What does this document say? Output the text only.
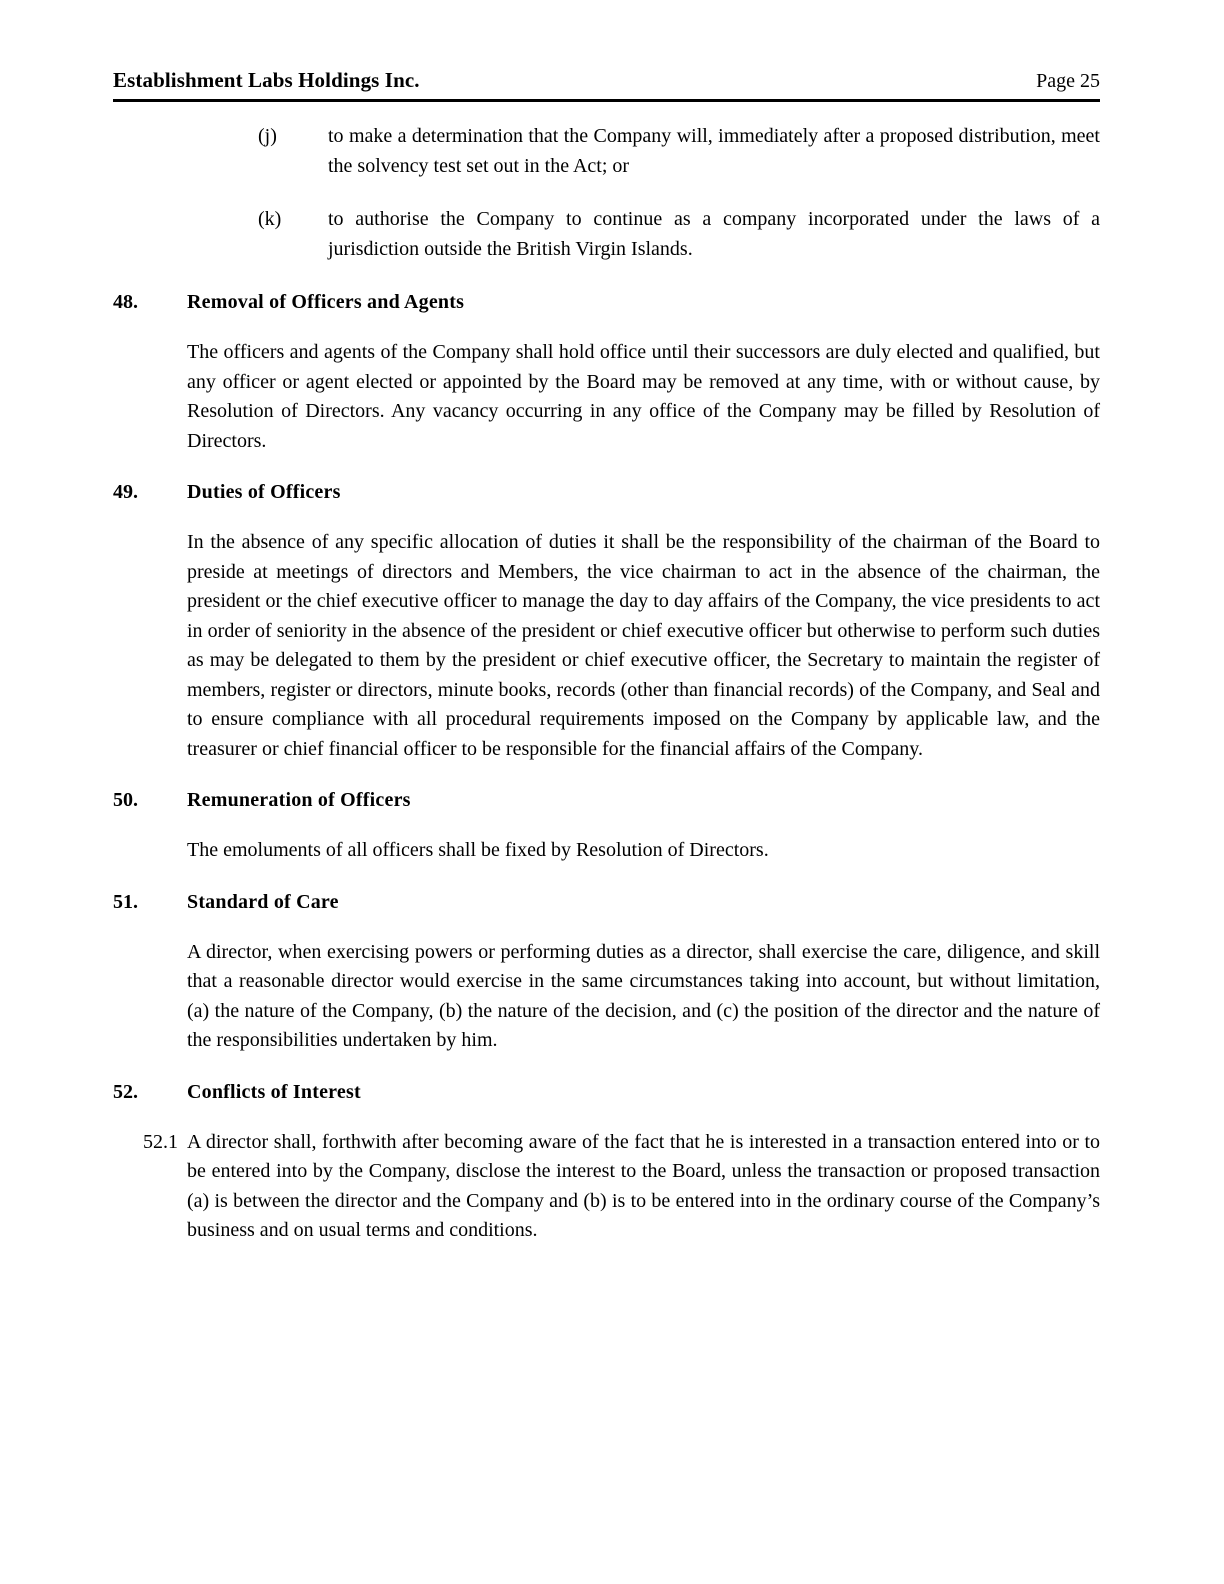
Establishment Labs Holdings Inc.	Page 25
(j)	to make a determination that the Company will, immediately after a proposed distribution, meet the solvency test set out in the Act; or
(k)	to authorise the Company to continue as a company incorporated under the laws of a jurisdiction outside the British Virgin Islands.
48.	Removal of Officers and Agents
The officers and agents of the Company shall hold office until their successors are duly elected and qualified, but any officer or agent elected or appointed by the Board may be removed at any time, with or without cause, by Resolution of Directors. Any vacancy occurring in any office of the Company may be filled by Resolution of Directors.
49.	Duties of Officers
In the absence of any specific allocation of duties it shall be the responsibility of the chairman of the Board to preside at meetings of directors and Members, the vice chairman to act in the absence of the chairman, the president or the chief executive officer to manage the day to day affairs of the Company, the vice presidents to act in order of seniority in the absence of the president or chief executive officer but otherwise to perform such duties as may be delegated to them by the president or chief executive officer, the Secretary to maintain the register of members, register or directors, minute books, records (other than financial records) of the Company, and Seal and to ensure compliance with all procedural requirements imposed on the Company by applicable law, and the treasurer or chief financial officer to be responsible for the financial affairs of the Company.
50.	Remuneration of Officers
The emoluments of all officers shall be fixed by Resolution of Directors.
51.	Standard of Care
A director, when exercising powers or performing duties as a director, shall exercise the care, diligence, and skill that a reasonable director would exercise in the same circumstances taking into account, but without limitation, (a) the nature of the Company, (b) the nature of the decision, and (c) the position of the director and the nature of the responsibilities undertaken by him.
52.	Conflicts of Interest
52.1 A director shall, forthwith after becoming aware of the fact that he is interested in a transaction entered into or to be entered into by the Company, disclose the interest to the Board, unless the transaction or proposed transaction (a) is between the director and the Company and (b) is to be entered into in the ordinary course of the Company’s business and on usual terms and conditions.
